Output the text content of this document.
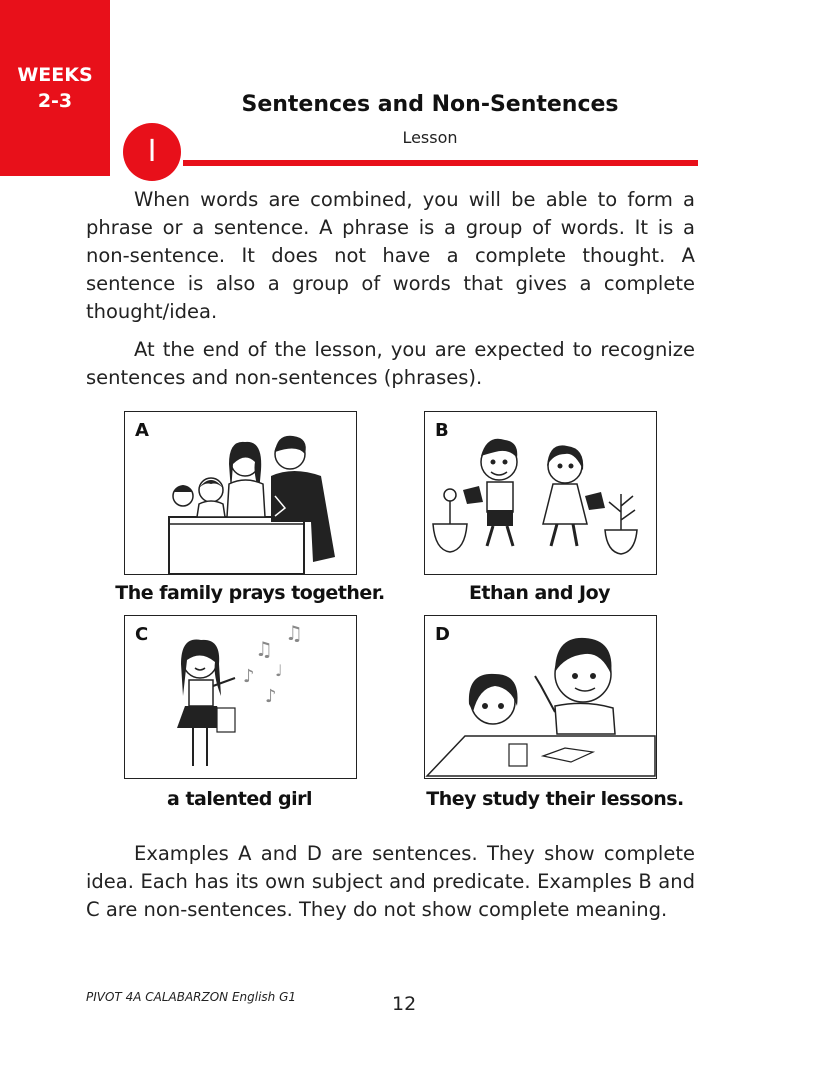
WEEKS
2-3	Sentences and Non-Sentences
Lesson
I

When words are combined, you will be able to form a phrase or a sentence. A phrase is a group of words. It is a non-sentence. It does not have a complete thought. A sentence is also a group of words that gives a complete thought/idea.

At the end of the lesson, you are expected to recognize sentences and non-sentences (phrases).

A
The family prays together.
B
Ethan and Joy
C
♫
♩
♫
♪
♪
a talented girl
D
They study their lessons.

Examples A and D are sentences. They show complete idea. Each has its own subject and predicate. Examples B and C are non-sentences. They do not show complete meaning.

PIVOT 4A CALABARZON English G1	12
